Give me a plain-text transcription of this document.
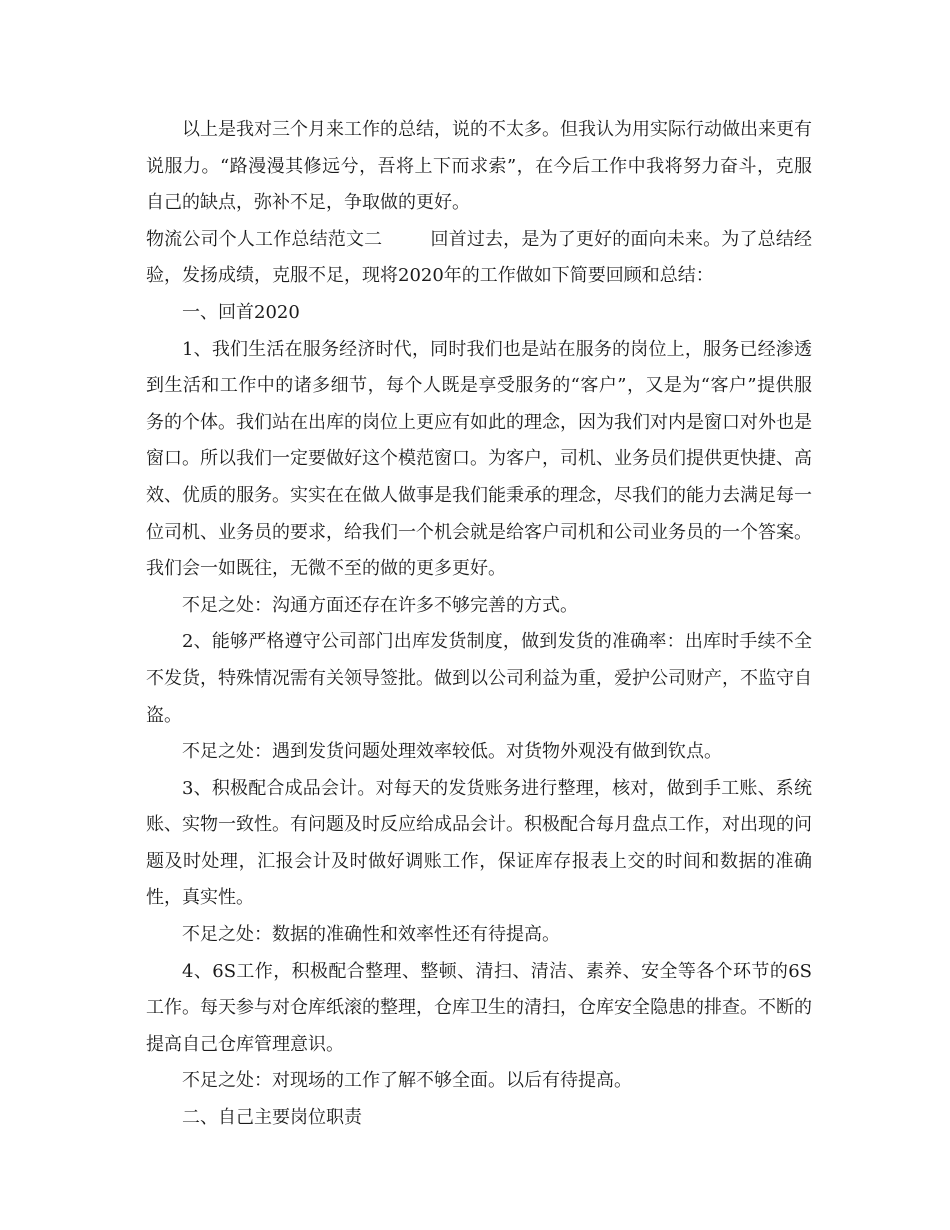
以上是我对三个月来工作的总结，说的不太多。但我认为用实际行动做出来更有说服力。“路漫漫其修远兮，吾将上下而求索”，在今后工作中我将努力奋斗，克服自己的缺点，弥补不足，争取做的更好。

物流公司个人工作总结范文二	回首过去，是为了更好的面向未来。为了总结经验，发扬成绩，克服不足，现将2020年的工作做如下简要回顾和总结：

一、回首2020

1、我们生活在服务经济时代，同时我们也是站在服务的岗位上，服务已经渗透到生活和工作中的诸多细节，每个人既是享受服务的“客户”，又是为“客户”提供服务的个体。我们站在出库的岗位上更应有如此的理念，因为我们对内是窗口对外也是窗口。所以我们一定要做好这个模范窗口。为客户，司机、业务员们提供更快捷、高效、优质的服务。实实在在做人做事是我们能秉承的理念，尽我们的能力去满足每一位司机、业务员的要求，给我们一个机会就是给客户司机和公司业务员的一个答案。我们会一如既往，无微不至的做的更多更好。

不足之处：沟通方面还存在许多不够完善的方式。

2、能够严格遵守公司部门出库发货制度，做到发货的准确率：出库时手续不全不发货，特殊情况需有关领导签批。做到以公司利益为重，爱护公司财产，不监守自盗。

不足之处：遇到发货问题处理效率较低。对货物外观没有做到钦点。

3、积极配合成品会计。对每天的发货账务进行整理，核对，做到手工账、系统账、实物一致性。有问题及时反应给成品会计。积极配合每月盘点工作，对出现的问题及时处理，汇报会计及时做好调账工作，保证库存报表上交的时间和数据的准确性，真实性。

不足之处：数据的准确性和效率性还有待提高。

4、6S工作，积极配合整理、整顿、清扫、清洁、素养、安全等各个环节的6S工作。每天参与对仓库纸滚的整理，仓库卫生的清扫，仓库安全隐患的排查。不断的提高自己仓库管理意识。

不足之处：对现场的工作了解不够全面。以后有待提高。

二、自己主要岗位职责
